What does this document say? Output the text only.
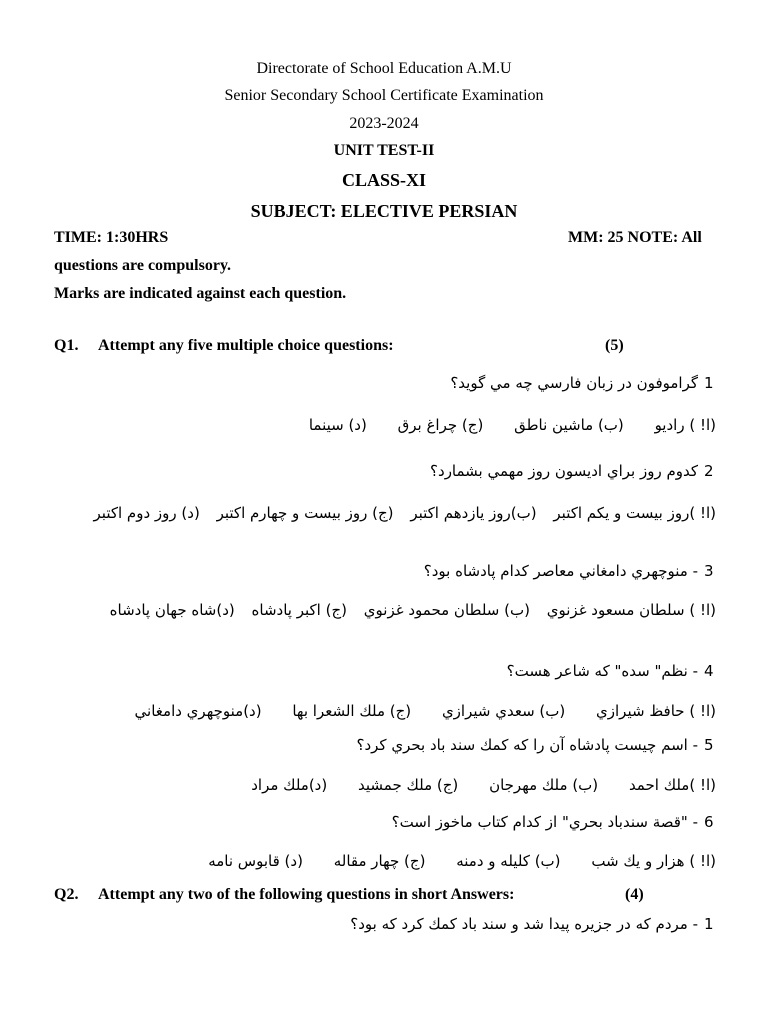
Directorate of School Education A.M.U
Senior Secondary School Certificate Examination
2023-2024
UNIT TEST-II
CLASS-XI
SUBJECT: ELECTIVE PERSIAN
TIME: 1:30HRS	MM: 25 NOTE: All
questions are compulsory.
Marks are indicated against each question.
Q1. Attempt any five multiple choice questions:	(5)
1
گراموفون در زبان فارسي چه مي گويد؟
(ا! ) راديو (ب) ماشين ناطق (ج) چراغ برق (د) سينما
2
كدوم روز براي اديسون روز مهمي بشمارد؟
(ا! )روز بيست و يكم اكتبر (ب)روز يازدهم اكتبر (ج) روز بيست و چهارم اكتبر (د) روز دوم اكتبر
3
- منوچهري دامغاني معاصر كدام پادشاه بود؟
(ا! ) سلطان مسعود غزنوي (ب) سلطان محمود غزنوي (ج) اكبر پادشاه (د)شاه جهان پادشاه
4
- نظم" سده" كه شاعر هست؟
(ا! ) حافظ شيرازي (ب) سعدي شيرازي (ج) ملك الشعرا بها (د)منوچهري دامغاني
5
- اسم چيست پادشاه آن را كه كمك سند باد بحري كرد؟
(ا! )ملك احمد (ب) ملك مهرجان (ج) ملك جمشيد (د)ملك مراد
6
- "قصة سندباد بحري" از كدام كتاب ماخوز است؟
(ا! ) هزار و يك شب (ب) كليله و دمنه (ج) چهار مقاله (د) قابوس نامه
Q2. Attempt any two of the following questions in short Answers:	(4)
1
- مردم كه در جزيره پيدا شد و سند باد كمك كرد كه بود؟
